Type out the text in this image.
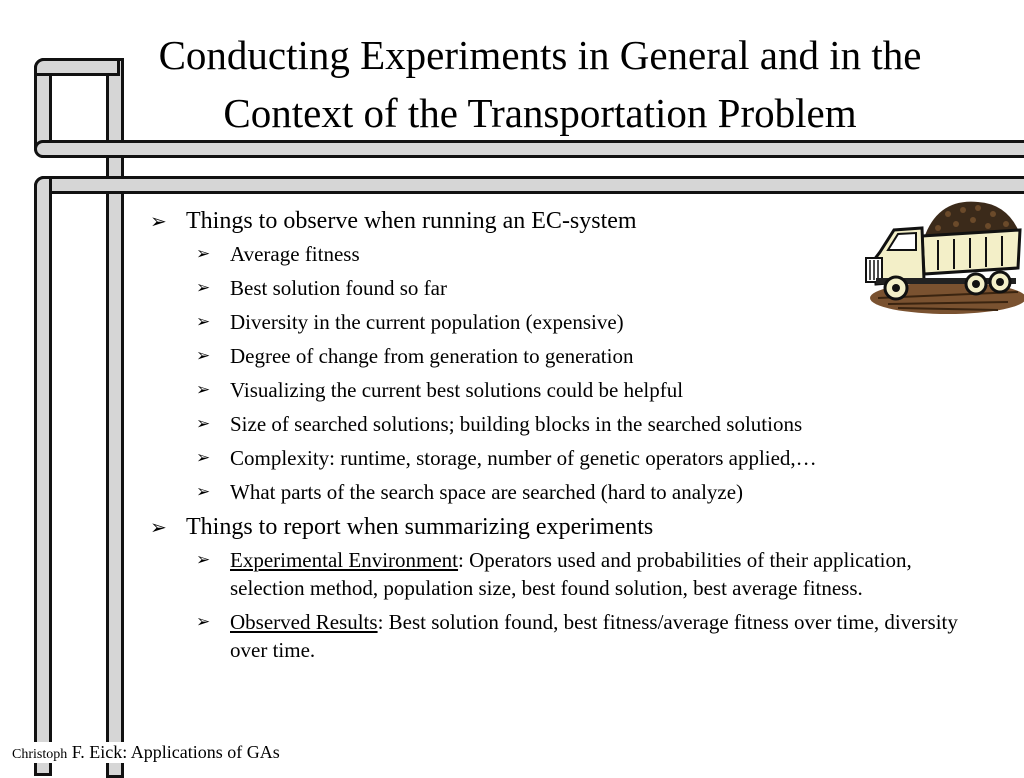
Conducting Experiments in General and in the
Context of the Transportation Problem
➢ Things to observe when running an EC-system
➢ Average fitness
➢ Best solution found so far
➢ Diversity in the current population (expensive)
➢ Degree of change from generation to generation
➢ Visualizing the current best solutions could be helpful
➢ Size of searched solutions; building blocks in the searched solutions
➢ Complexity: runtime, storage, number of genetic operators applied,…
➢ What parts of the search space are searched (hard to analyze)
➢ Things to report when summarizing experiments
➢ Experimental Environment: Operators used and probabilities of their application, selection method, population size, best found solution, best average fitness.
➢ Observed Results: Best solution found, best fitness/average fitness over time, diversity over time.
Christoph F. Eick: Applications of GAs
